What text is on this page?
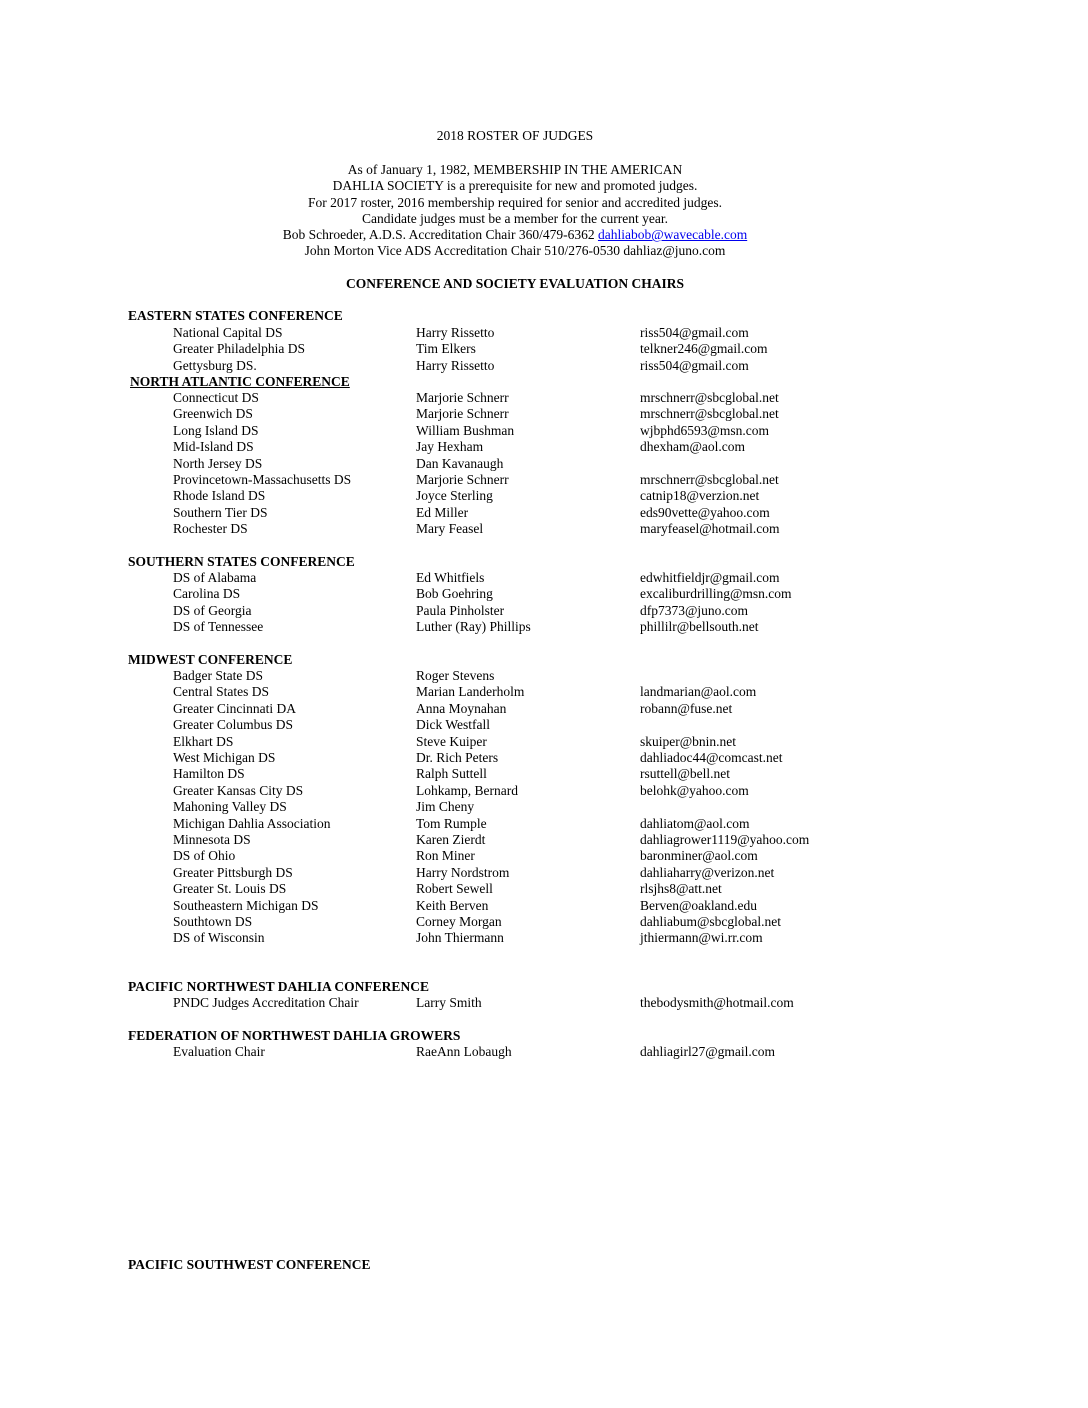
2018 ROSTER OF JUDGES
As of January 1, 1982, MEMBERSHIP IN THE AMERICAN
DAHLIA SOCIETY is a prerequisite for new and promoted judges.
For 2017 roster, 2016 membership required for senior and accredited judges.
Candidate judges must be a member for the current year.
Bob Schroeder, A.D.S. Accreditation Chair 360/479-6362 dahliabob@wavecable.com
John Morton Vice ADS Accreditation Chair 510/276-0530 dahliaz@juno.com
CONFERENCE AND SOCIETY EVALUATION CHAIRS
EASTERN STATES CONFERENCE
National Capital DS	Harry Rissetto	riss504@gmail.com
Greater Philadelphia DS	Tim Elkers	telkner246@gmail.com
Gettysburg DS.	Harry Rissetto	riss504@gmail.com
NORTH ATLANTIC CONFERENCE
Connecticut DS	Marjorie Schnerr	mrschnerr@sbcglobal.net
Greenwich DS	Marjorie Schnerr	mrschnerr@sbcglobal.net
Long Island DS	William Bushman	wjbphd6593@msn.com
Mid-Island DS	Jay Hexham	dhexham@aol.com
North Jersey DS	Dan Kavanaugh
Provincetown-Massachusetts DS	Marjorie Schnerr	mrschnerr@sbcglobal.net
Rhode Island DS	Joyce Sterling	catnip18@verzion.net
Southern Tier DS	Ed Miller	eds90vette@yahoo.com
Rochester DS	Mary Feasel	maryfeasel@hotmail.com
SOUTHERN STATES CONFERENCE
DS of Alabama	Ed Whitfiels	edwhitfieldjr@gmail.com
Carolina DS	Bob Goehring	excaliburdrilling@msn.com
DS of Georgia	Paula Pinholster	dfp7373@juno.com
DS of Tennessee	Luther (Ray) Phillips	phillilr@bellsouth.net
MIDWEST CONFERENCE
Badger State DS	Roger Stevens
Central States DS	Marian Landerholm	landmarian@aol.com
Greater Cincinnati DA	Anna Moynahan	robann@fuse.net
Greater Columbus DS	Dick Westfall
Elkhart DS	Steve Kuiper	skuiper@bnin.net
West Michigan DS	Dr. Rich Peters	dahliadoc44@comcast.net
Hamilton DS	Ralph Suttell	rsuttell@bell.net
Greater Kansas City DS	Lohkamp, Bernard	belohk@yahoo.com
Mahoning Valley DS	Jim Cheny
Michigan Dahlia Association	Tom Rumple	dahliatom@aol.com
Minnesota DS	Karen Zierdt	dahliagrower1119@yahoo.com
DS of Ohio	Ron Miner	baronminer@aol.com
Greater Pittsburgh DS	Harry Nordstrom	dahliaharry@verizon.net
Greater St. Louis DS	Robert Sewell	rlsjhs8@att.net
Southeastern Michigan DS	Keith Berven	Berven@oakland.edu
Southtown DS	Corney Morgan	dahliabum@sbcglobal.net
DS of Wisconsin	John Thiermann	jthiermann@wi.rr.com
PACIFIC NORTHWEST DAHLIA CONFERENCE
PNDC Judges Accreditation Chair	Larry Smith	thebodysmith@hotmail.com
FEDERATION OF NORTHWEST DAHLIA GROWERS
Evaluation Chair	RaeAnn Lobaugh	dahliagirl27@gmail.com
PACIFIC SOUTHWEST CONFERENCE
